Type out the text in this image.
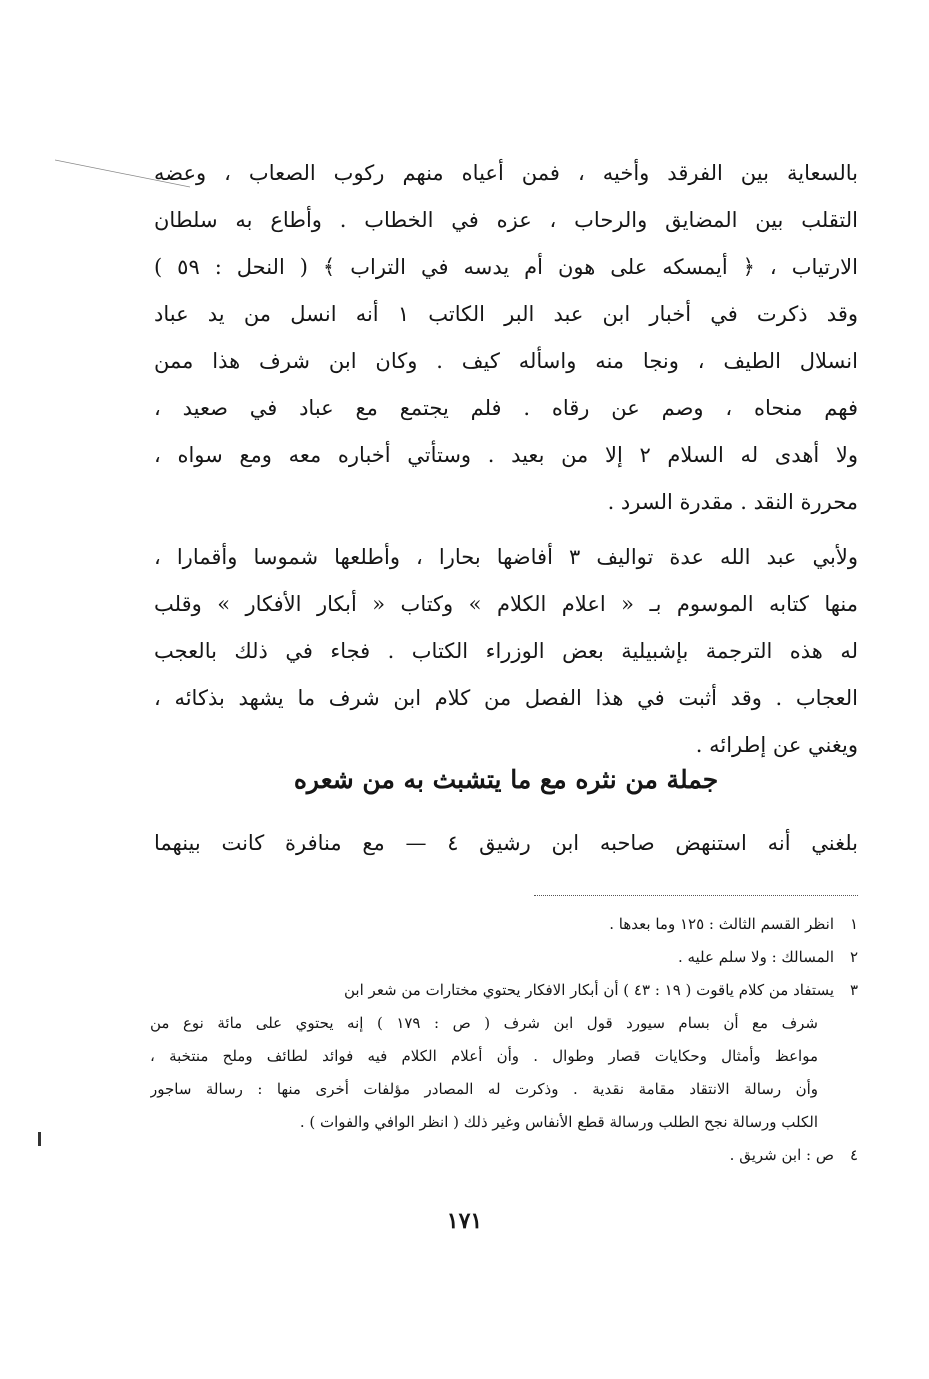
بالسعاية بين الفرقد وأخيه ، فمن أعياه منهم ركوب الصعاب ، وعضه
التقلب بين المضايق والرحاب ، عزه في الخطاب . وأطاع به سلطان
الارتياب ، ﴿ أيمسكه على هون أم يدسه في التراب ﴾ ( النحل : ٥٩ )
وقد ذكرت في أخبار ابن عبد البر الكاتب ١ أنه انسل من يد عباد
انسلال الطيف ، ونجا منه واسأله كيف . وكان ابن شرف هذا ممن
فهم منحاه ، وصم عن رقاه . فلم يجتمع مع عباد في صعيد ،
ولا أهدى له السلام ٢ إلا من بعيد . وستأتي أخباره معه ومع سواه ،
محررة النقد . مقدرة السرد .
ولأبي عبد الله عدة تواليف ٣ أفاضها بحارا ، وأطلعها شموسا وأقمارا ،
منها كتابه الموسوم بـ « اعلام الكلام » وكتاب « أبكار الأفكار » وقلب
له هذه الترجمة بإشبيلية بعض الوزراء الكتاب . فجاء في ذلك بالعجب
العجاب . وقد أثبت في هذا الفصل من كلام ابن شرف ما يشهد بذكائه ،
ويغني عن إطرائه .
جملة من نثره مع ما يتشبث به من شعره
بلغني أنه استنهض صاحبه ابن رشيق ٤ — مع منافرة كانت بينهما
١انظر القسم الثالث : ١٢٥ وما بعدها .
٢المسالك : ولا سلم عليه .
٣يستفاد من كلام ياقوت ( ١٩ : ٤٣ ) أن أبكار الافكار يحتوي مختارات من شعر ابن
شرف مع أن بسام سيورد قول ابن شرف ( ص : ١٧٩ ) إنه يحتوي على مائة نوع من
مواعظ وأمثال وحكايات قصار وطوال . وأن أعلام الكلام فيه فوائد لطائف وملح منتخبة ،
وأن رسالة الانتقاد مقامة نقدية . وذكرت له المصادر مؤلفات أخرى منها : رسالة ساجور
الكلب ورسالة نجح الطلب ورسالة قطع الأنفاس وغير ذلك ( انظر الوافي والفوات ) .
٤ص : ابن شريق .
١٧١
